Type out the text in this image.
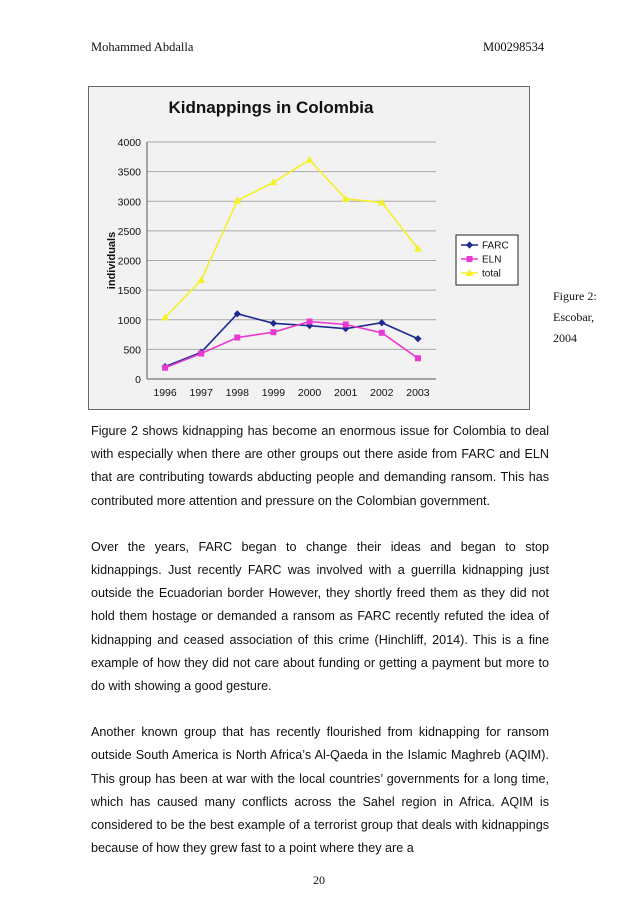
Mohammed Abdalla	M00298534
Kidnappings in Colombia
0
500
1000
1500
2000
2500
3000
3500
4000
1996 1997 1998 1999 2000 2001 2002 2003
individuals	FARC
ELN
total
Figure 2:
Escobar,
2004

Figure 2 shows kidnapping has become an enormous issue for Colombia to deal with especially when there are other groups out there aside from FARC and ELN that are contributing towards abducting people and demanding ransom. This has contributed more attention and pressure on the Colombian government.

Over the years, FARC began to change their ideas and began to stop kidnappings. Just recently FARC was involved with a guerrilla kidnapping just outside the Ecuadorian border However, they shortly freed them as they did not hold them hostage or demanded a ransom as FARC recently refuted the idea of kidnapping and ceased association of this crime (Hinchliff, 2014). This is a fine example of how they did not care about funding or getting a payment but more to do with showing a good gesture.

Another known group that has recently flourished from kidnapping for ransom outside South America is North Africa’s Al-Qaeda in the Islamic Maghreb (AQIM). This group has been at war with the local countries’ governments for a long time, which has caused many conflicts across the Sahel region in Africa. AQIM is considered to be the best example of a terrorist group that deals with kidnappings because of how they grew fast to a point where they are a

20
